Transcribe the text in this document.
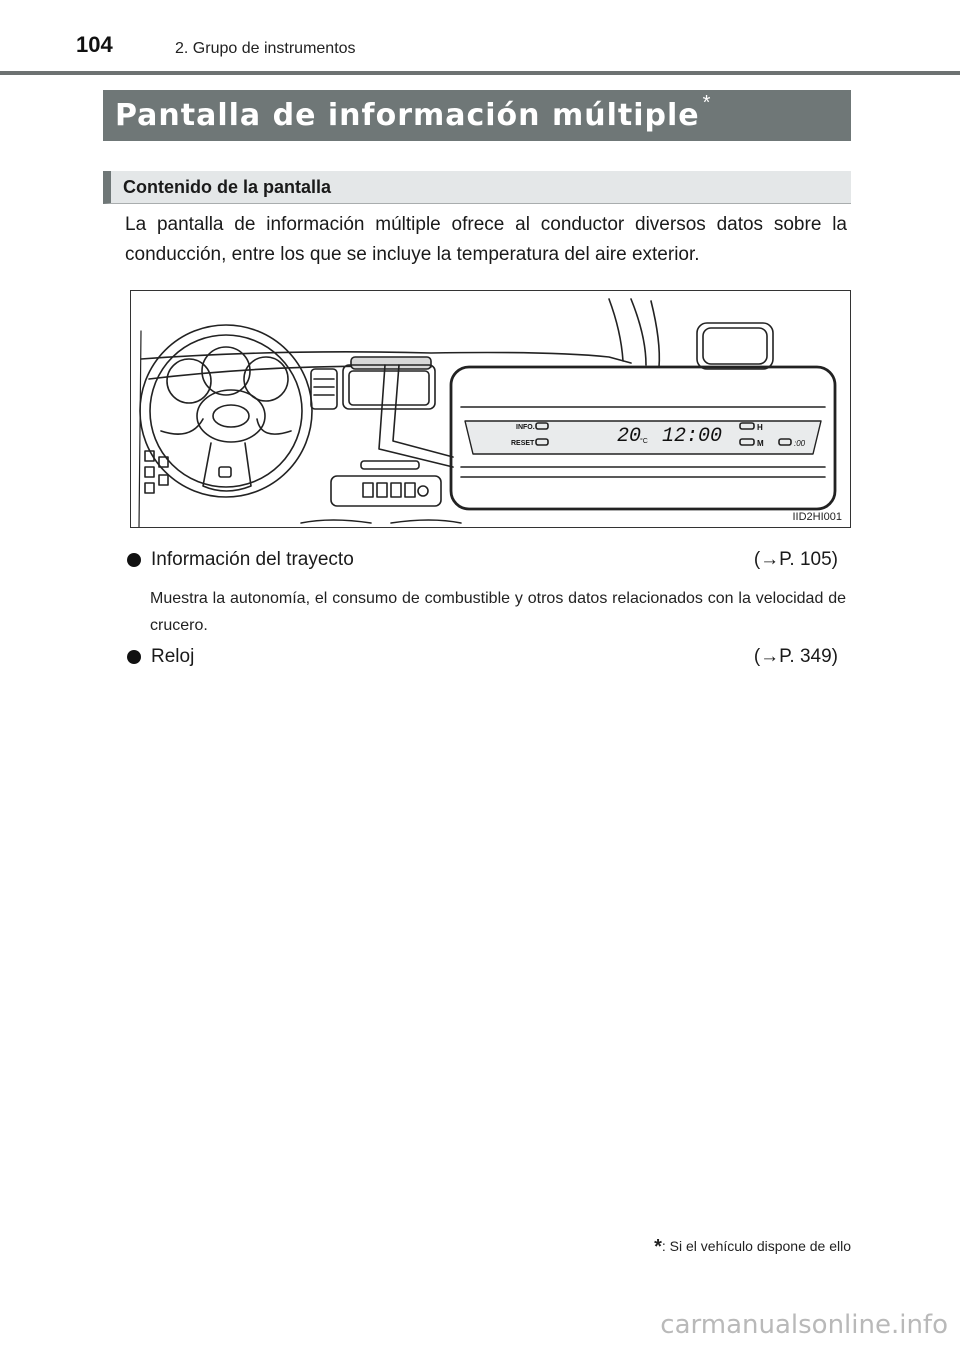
104	2. Grupo de instrumentos
Pantalla de información múltiple *
Contenido de la pantalla
La pantalla de información múltiple ofrece al conductor diversos datos sobre la conducción, entre los que se incluye la temperatura del aire exterior.
INFO.
RESET	20
°C 12:00	H
M	:00
IID2HI001
Información del trayecto	(→P. 105)
Muestra la autonomía, el consumo de combustible y otros datos relacionados con la velocidad de crucero.
Reloj	(→P. 349)
*: Si el vehículo dispone de ello
carmanualsonline.info
